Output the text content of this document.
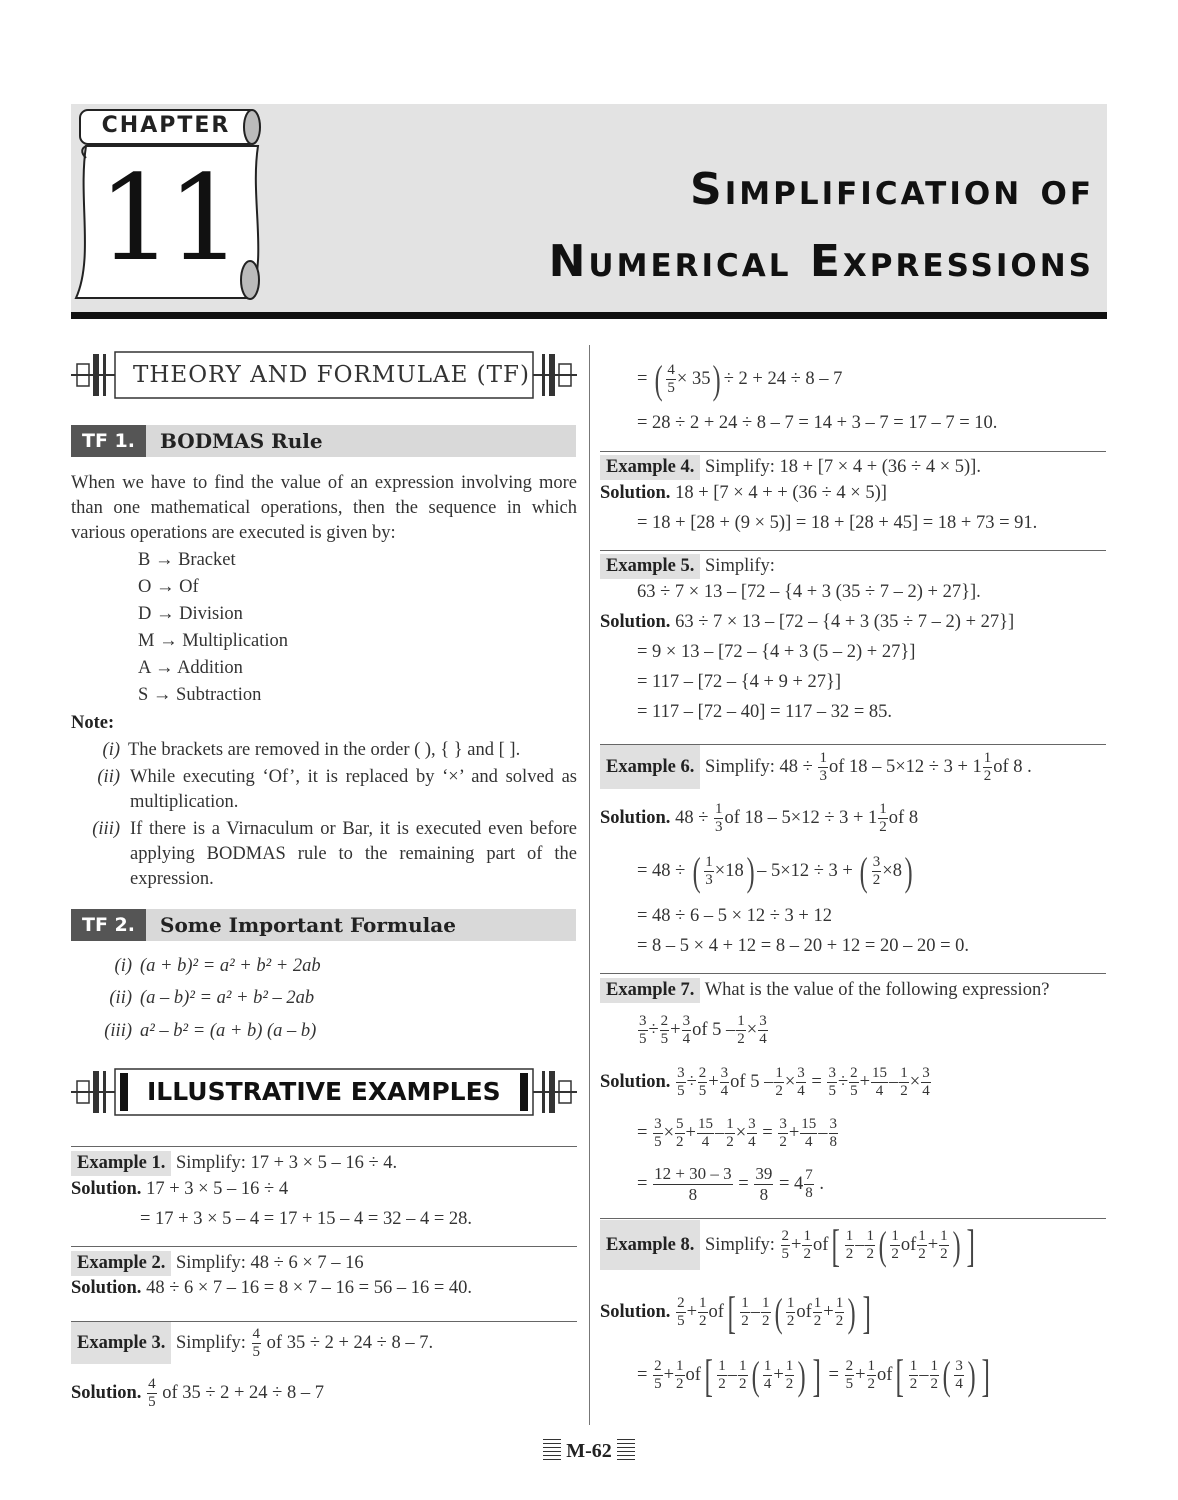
CHAPTER
11	Simplification of
Numerical Expressions
THEORY AND FORMULAE (TF)
TF 1.	BODMAS Rule
When we have to find the value of an expression involving more than one mathematical operations, then the sequence in which various operations are executed is given by:
B → Bracket
O → Of
D → Division
M → Multiplication
A → Addition
S → Subtraction
Note:
(i) The brackets are removed in the order ( ), { } and [ ].
(ii) While executing ‘Of’, it is replaced by ‘×’ and solved as multiplication.
(iii) If there is a Virnaculum or Bar, it is executed even before applying BODMAS rule to the remaining part of the expression.
TF 2.	Some Important Formulae
(i) (a + b)² = a² + b² + 2ab
(ii) (a – b)² = a² + b² – 2ab
(iii) a² – b² = (a + b) (a – b)
ILLUSTRATIVE EXAMPLES
Example 1. Simplify: 17 + 3 × 5 – 16 ÷ 4.
Solution. 17 + 3 × 5 – 16 ÷ 4
= 17 + 3 × 5 – 4 = 17 + 15 – 4 = 32 – 4 = 28.
Example 2. Simplify: 48 ÷ 6 × 7 – 16
Solution. 48 ÷ 6 × 7 – 16 = 8 × 7 – 16 = 56 – 16 = 40.
Example 3. Simplify: $\frac{4}{5}$ of 35 ÷ 2 + 24 ÷ 8 – 7.
Solution. $\frac{4}{5}$ of 35 ÷ 2 + 24 ÷ 8 – 7
= ( $\frac{4}{5} \times 35) \div 2 + 24 \div 8 - 7$
= 28 ÷ 2 + 24 ÷ 8 – 7 = 14 + 3 – 7 = 17 – 7 = 10.
Example 4. Simplify: 18 + [7 × 4 + (36 ÷ 4 × 5)].
Solution. 18 + [7 × 4 + + (36 ÷ 4 × 5)]
= 18 + [28 + (9 × 5)] = 18 + [28 + 45] = 18 + 73 = 91.
Example 5. Simplify:
63 ÷ 7 × 13 – [72 – {4 + 3 (35 ÷ 7 – 2) + 27}].
Solution. 63 ÷ 7 × 13 – [72 – {4 + 3 (35 ÷ 7 – 2) + 27}]
= 9 × 13 – [72 – {4 + 3 (5 – 2) + 27}]
= 117 – [72 – {4 + 9 + 27}]
= 117 – [72 – 40] = 117 – 32 = 85.
Example 6. Simplify: $48 \div \frac{1}{3}$ of $18 - 5\times 12 \div 3 + 1 \frac{1}{2}$ of 8 .
Solution. $48 \div \frac{1}{3}$ of $18 - 5\times 12 \div 3 + 1 \frac{1}{2}$ of 8
= 48 ÷ ( $\frac{1}{3} \times 18) - 5\times 12 \div 3$ + ( $\frac{3}{2} \times 8$)
= 48 ÷ 6 – 5 × 12 ÷ 3 + 12
= 8 – 5 × 4 + 12 = 8 – 20 + 12 = 20 – 20 = 0.
Example 7. What is the value of the following expression?
$\frac{3}{5} \div \frac{2}{5} + \frac{3}{4}$ of $5 - \frac{1}{2} \times \frac{3}{4}$
Solution. $\frac{3}{5} \div \frac{2}{5} + \frac{3}{4}$ of $5 - \frac{1}{2} \times \frac{3}{4} = \frac{3}{5} \div \frac{2}{5} + \frac{15}{4} - \frac{1}{2} \times \frac{3}{4}$
= $\frac{3}{5} \times \frac{5}{2} + \frac{15}{4} - \frac{1}{2} \times \frac{3}{4} = \frac{3}{2} + \frac{15}{4} - \frac{3}{8}$
= $\frac{12 + 30 - 3}{8} = \frac{39}{8} = 4 \frac{7}{8}$ .
Example 8. Simplify: $\frac{2}{5} + \frac{1}{2} of[ \frac{1}{2} - \frac{1}{2}$ ( $\frac{1}{2}$ of $\frac{1}{2} + \frac{1}{2}$ ) ]
Solution. $\frac{2}{5} + \frac{1}{2} of[ \frac{1}{2} - \frac{1}{2}$ ( $\frac{1}{2}$ of $\frac{1}{2} + \frac{1}{2}$ ) ]
= $\frac{2}{5} + \frac{1}{2} of[ \frac{1}{2} - \frac{1}{2}$ ( $\frac{1}{4} + \frac{1}{2}$ ) ] = $\frac{2}{5} + \frac{1}{2} of[ \frac{1}{2} - \frac{1}{2}$ ( $\frac{3}{4}$ ) ]
M-62
